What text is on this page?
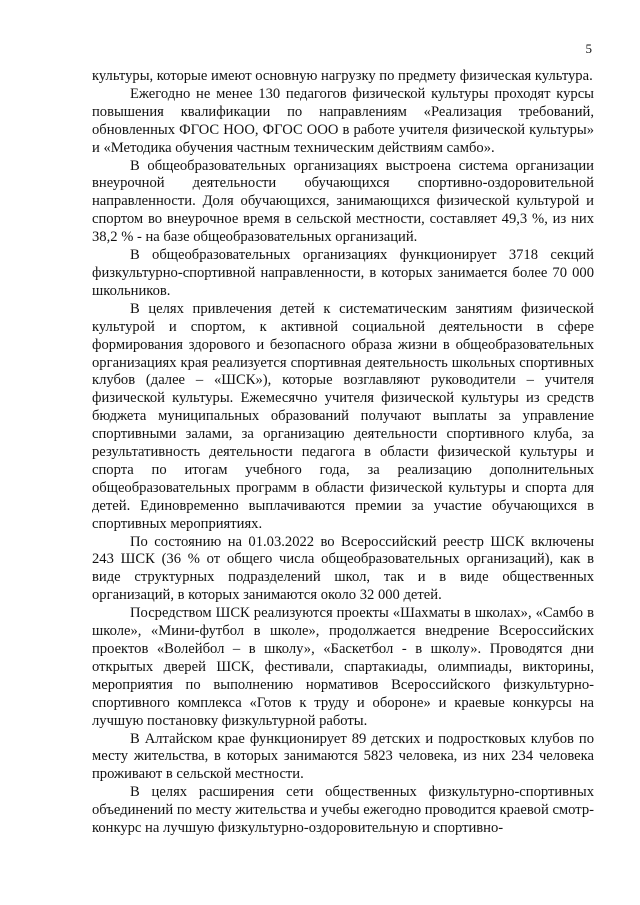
5

культуры, которые имеют основную нагрузку по предмету физическая культура.

Ежегодно не менее 130 педагогов физической культуры проходят курсы повышения квалификации по направлениям «Реализация требований, обновленных ФГОС НОО, ФГОС ООО в работе учителя физической культуры» и «Методика обучения частным техническим действиям самбо».

В общеобразовательных организациях выстроена система организации внеурочной деятельности обучающихся спортивно-оздоровительной направленности. Доля обучающихся, занимающихся физической культурой и спортом во внеурочное время в сельской местности, составляет 49,3 %, из них 38,2 % - на базе общеобразовательных организаций.

В общеобразовательных организациях функционирует 3718 секций физкультурно-спортивной направленности, в которых занимается более 70 000 школьников.

В целях привлечения детей к систематическим занятиям физической культурой и спортом, к активной социальной деятельности в сфере формирования здорового и безопасного образа жизни в общеобразовательных организациях края реализуется спортивная деятельность школьных спортивных клубов (далее – «ШСК»), которые возглавляют руководители – учителя физической культуры. Ежемесячно учителя физической культуры из средств бюджета муниципальных образований получают выплаты за управление спортивными залами, за организацию деятельности спортивного клуба, за результативность деятельности педагога в области физической культуры и спорта по итогам учебного года, за реализацию дополнительных общеобразовательных программ в области физической культуры и спорта для детей. Единовременно выплачиваются премии за участие обучающихся в спортивных мероприятиях.

По состоянию на 01.03.2022 во Всероссийский реестр ШСК включены 243 ШСК (36 % от общего числа общеобразовательных организаций), как в виде структурных подразделений школ, так и в виде общественных организаций, в которых занимаются около 32 000 детей.

Посредством ШСК реализуются проекты «Шахматы в школах», «Самбо в школе», «Мини-футбол в школе», продолжается внедрение Всероссийских проектов «Волейбол – в школу», «Баскетбол - в школу». Проводятся дни открытых дверей ШСК, фестивали, спартакиады, олимпиады, викторины, мероприятия по выполнению нормативов Всероссийского физкультурно-спортивного комплекса «Готов к труду и обороне» и краевые конкурсы на лучшую постановку физкультурной работы.

В Алтайском крае функционирует 89 детских и подростковых клубов по месту жительства, в которых занимаются 5823 человека, из них 234 человека проживают в сельской местности.

В целях расширения сети общественных физкультурно-спортивных объединений по месту жительства и учебы ежегодно проводится краевой смотр-конкурс на лучшую физкультурно-оздоровительную и спортивно-
